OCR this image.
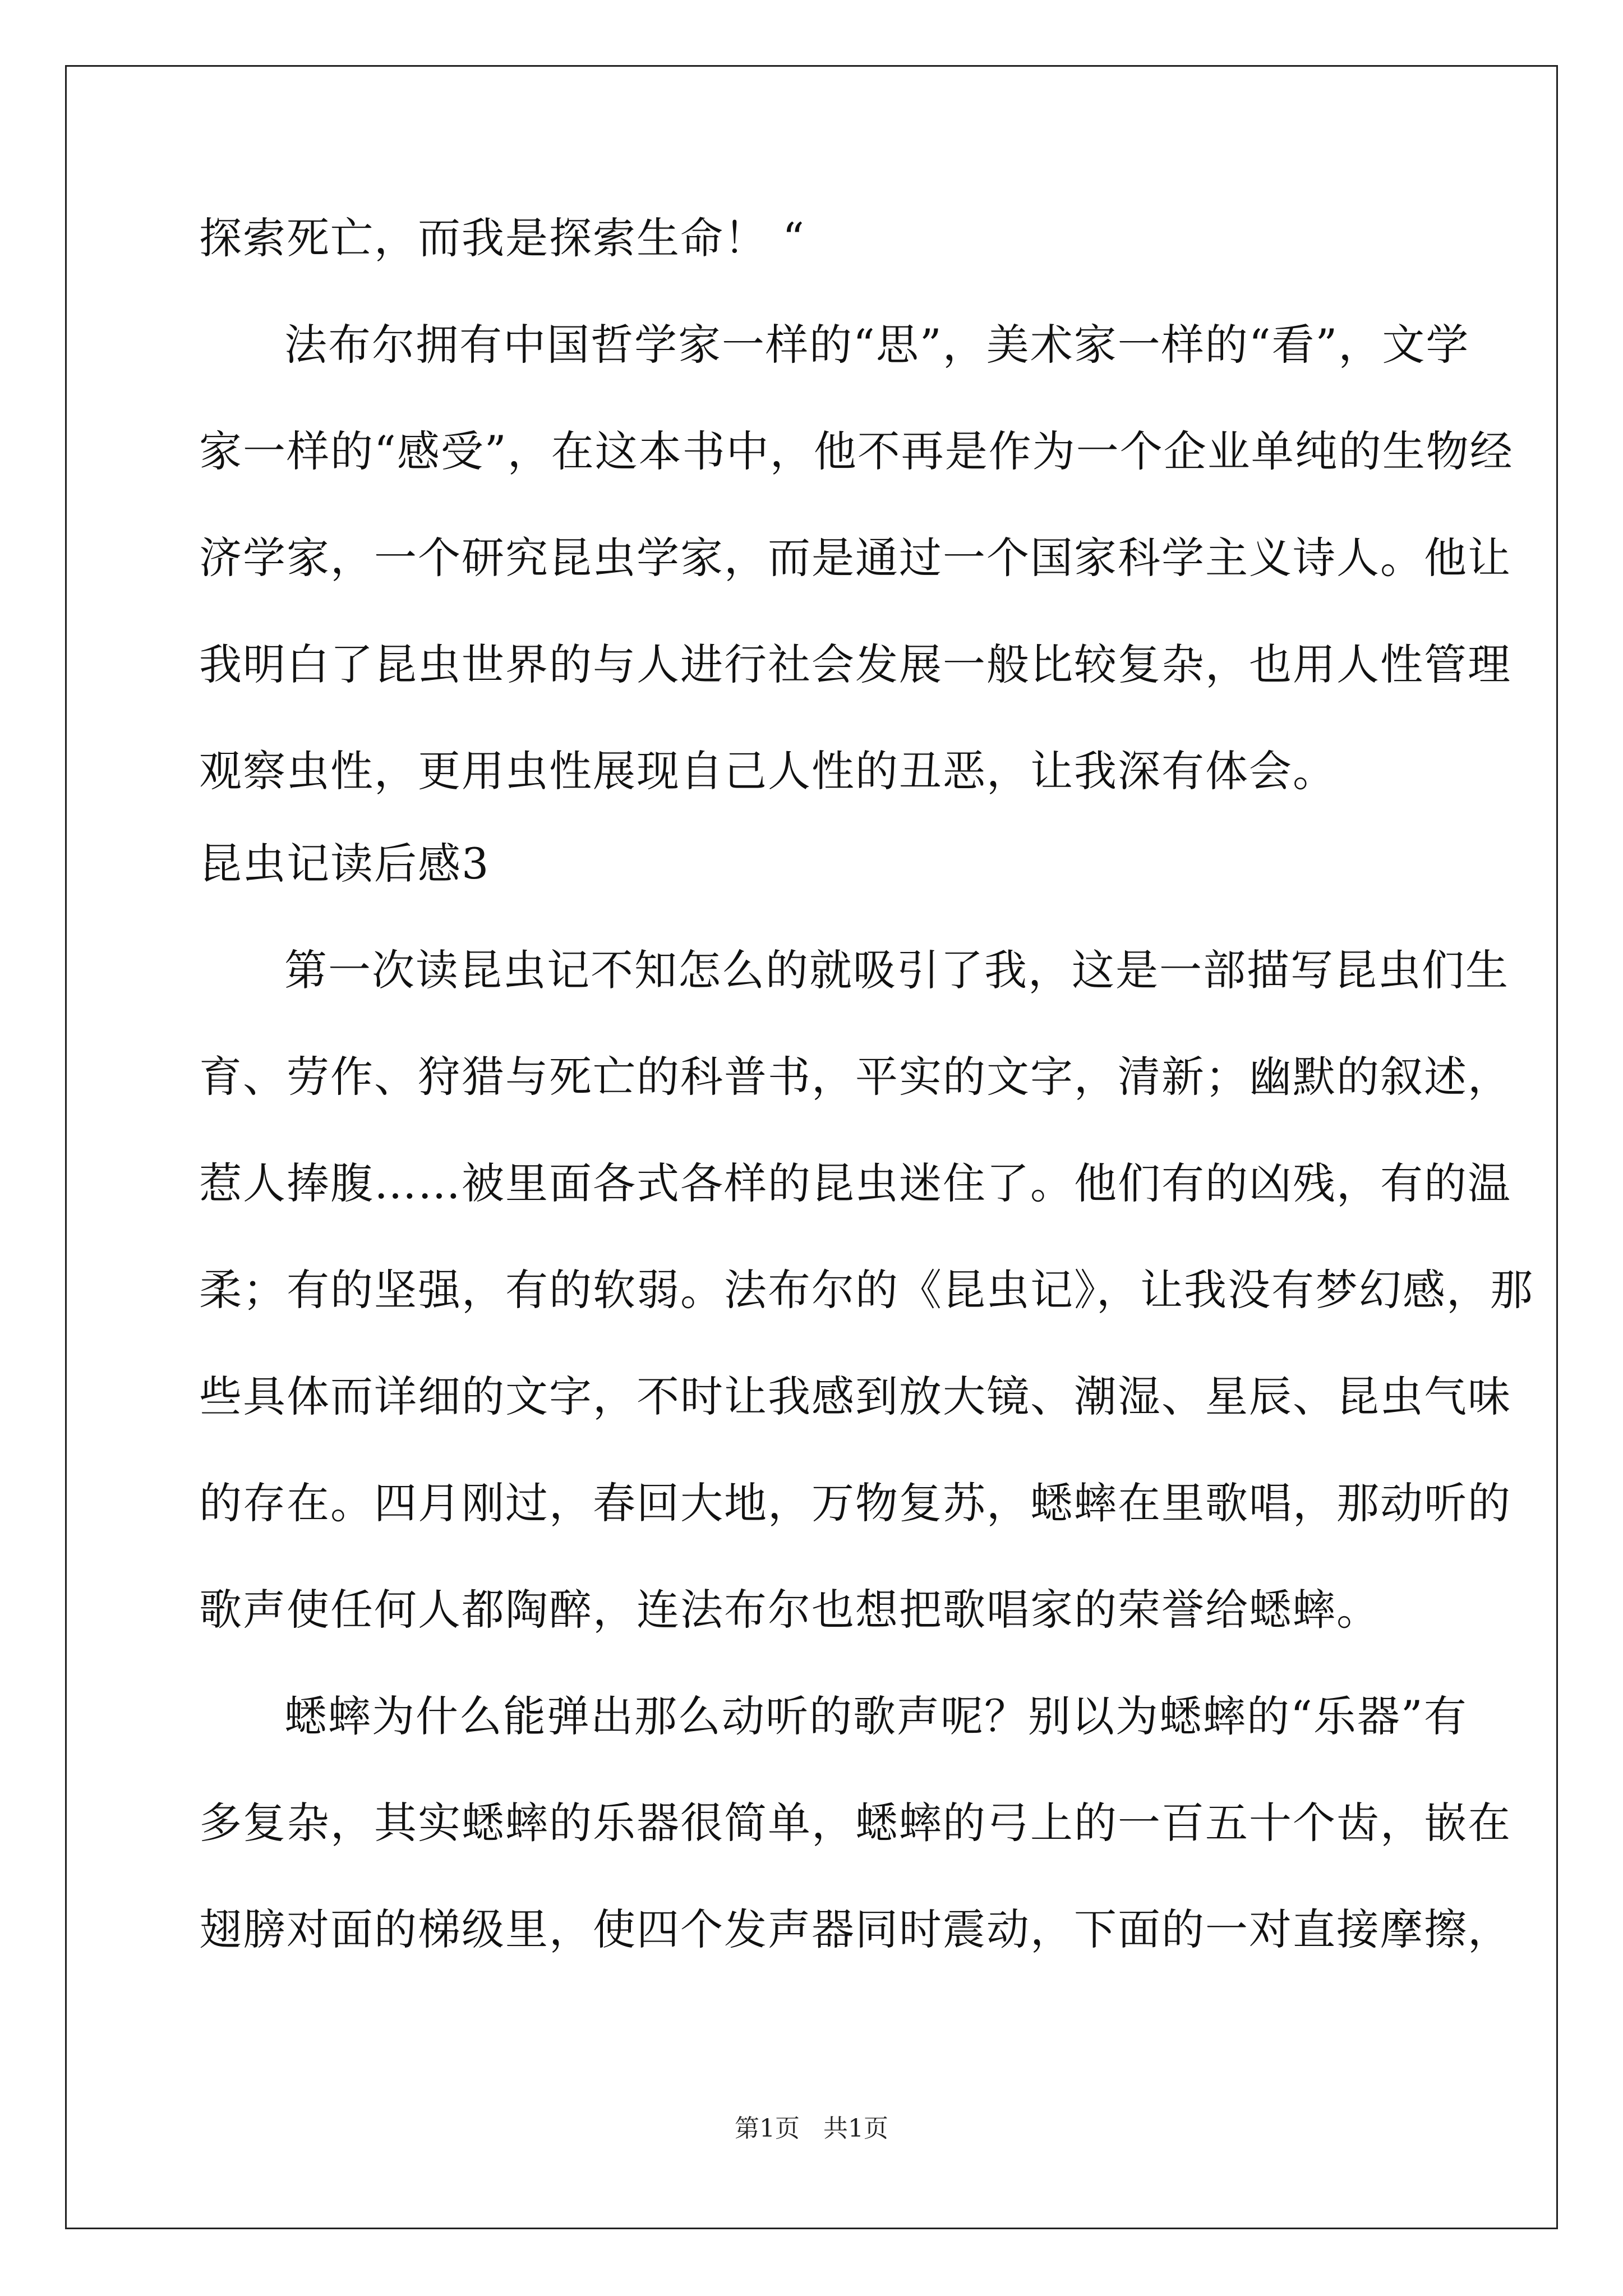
探索死亡，而我是探索生命！ “
法布尔拥有中国哲学家一样的“思”，美术家一样的“看”，文学
家一样的“感受”，在这本书中，他不再是作为一个企业单纯的生物经
济学家，一个研究昆虫学家，而是通过一个国家科学主义诗人。他让
我明白了昆虫世界的与人进行社会发展一般比较复杂，也用人性管理
观察虫性，更用虫性展现自己人性的丑恶，让我深有体会。
昆虫记读后感3
第一次读昆虫记不知怎么的就吸引了我，这是一部描写昆虫们生
育、劳作、狩猎与死亡的科普书，平实的文字，清新；幽默的叙述，
惹人捧腹……被里面各式各样的昆虫迷住了。他们有的凶残，有的温
柔；有的坚强，有的软弱。法布尔的《昆虫记》，让我没有梦幻感，那
些具体而详细的文字，不时让我感到放大镜、潮湿、星辰、昆虫气味
的存在。四月刚过，春回大地，万物复苏，蟋蟀在里歌唱，那动听的
歌声使任何人都陶醉，连法布尔也想把歌唱家的荣誉给蟋蟀。
蟋蟀为什么能弹出那么动听的歌声呢？别以为蟋蟀的“乐器”有
多复杂，其实蟋蟀的乐器很简单，蟋蟀的弓上的一百五十个齿，嵌在
翅膀对面的梯级里，使四个发声器同时震动，下面的一对直接摩擦，
第1页   共1页
